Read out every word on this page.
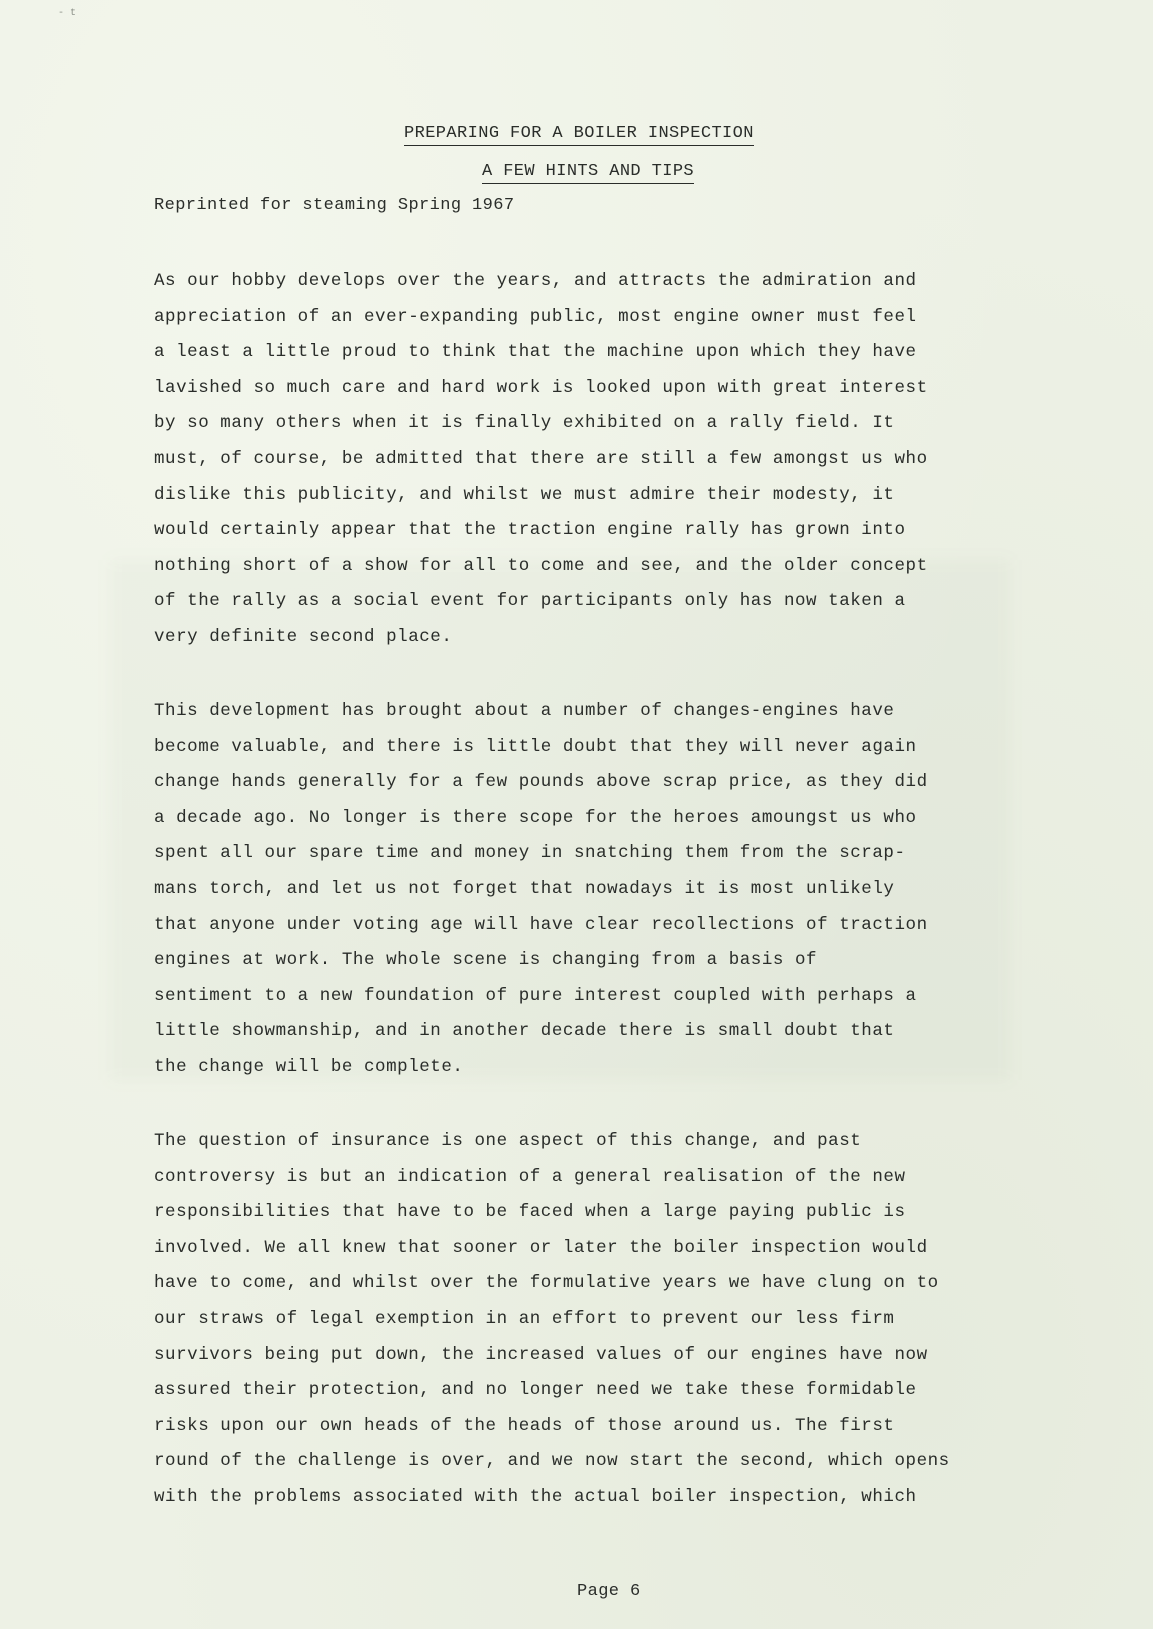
- t
PREPARING FOR A BOILER INSPECTION
A FEW HINTS AND TIPS
Reprinted for steaming Spring 1967
As our hobby develops over the years, and attracts the admiration and
appreciation of an ever-expanding public, most engine owner must feel
a least a little proud to think that the machine upon which they have
lavished so much care and hard work is looked upon with great interest
by so many others when it is finally exhibited on a rally field. It
must, of course, be admitted that there are still a few amongst us who
dislike this publicity, and whilst we must admire their modesty, it
would certainly appear that the traction engine rally has grown into
nothing short of a show for all to come and see, and the older concept
of the rally as a social event for participants only has now taken a
very definite second place.
This development has brought about a number of changes-engines have
become valuable, and there is little doubt that they will never again
change hands generally for a few pounds above scrap price, as they did
a decade ago. No longer is there scope for the heroes amoungst us who
spent all our spare time and money in snatching them from the scrap-
mans torch, and let us not forget that nowadays it is most unlikely
that anyone under voting age will have clear recollections of traction
engines at work. The whole scene is changing from a basis of
sentiment to a new foundation of pure interest coupled with perhaps a
little showmanship, and in another decade there is small doubt that
the change will be complete.
The question of insurance is one aspect of this change, and past
controversy is but an indication of a general realisation of the new
responsibilities that have to be faced when a large paying public is
involved. We all knew that sooner or later the boiler inspection would
have to come, and whilst over the formulative years we have clung on to
our straws of legal exemption in an effort to prevent our less firm
survivors being put down, the increased values of our engines have now
assured their protection, and no longer need we take these formidable
risks upon our own heads of the heads of those around us. The first
round of the challenge is over, and we now start the second, which opens
with the problems associated with the actual boiler inspection, which
Page 6
